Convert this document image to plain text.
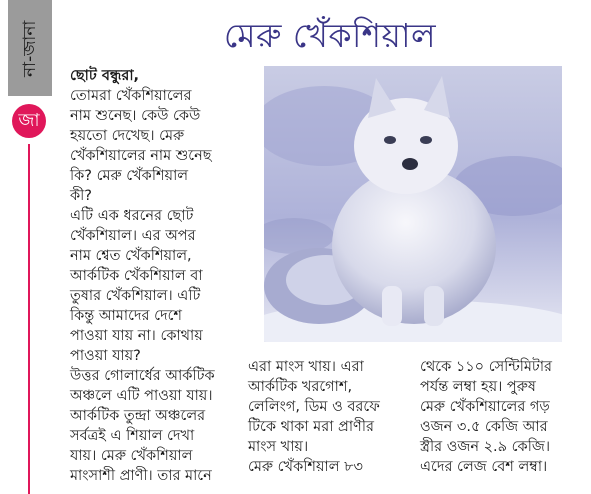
না-জানা
জা
মেরু খেঁকশিয়াল

ছোট বন্ধুরা,

তোমরা খেঁকশিয়ালের

নাম শুনেছ। কেউ কেউ

হয়তো দেখেছ। মেরু

খেঁকশিয়ালের নাম শুনেছ

কি? মেরু খেঁকশিয়াল

কী?

এটি এক ধরনের ছোট

খেঁকশিয়াল। এর অপর

নাম শ্বেত খেঁকশিয়াল,

আর্কটিক খেঁকশিয়াল বা

তুষার খেঁকশিয়াল। এটি

কিন্তু আমাদের দেশে

পাওয়া যায় না। কোথায়

পাওয়া যায়?

উত্তর গোলার্ধের আর্কটিক

অঞ্চলে এটি পাওয়া যায়।

আর্কটিক তুন্দ্রা অঞ্চলের

সর্বত্রই এ শিয়াল দেখা

যায়। মেরু খেঁকশিয়াল

মাংসাশী প্রাণী। তার মানে

এরা মাংস খায়। এরা

আর্কটিক খরগোশ,

লেলিংগ, ডিম ও বরফে

টিকে থাকা মরা প্রাণীর

মাংস খায়।

মেরু খেঁকশিয়াল ৮৩

থেকে ১১০ সেন্টিমিটার

পর্যন্ত লম্বা হয়। পুরুষ

মেরু খেঁকশিয়ালের গড়

ওজন ৩.৫ কেজি আর

স্ত্রীর ওজন ২.৯ কেজি।

এদের লেজ বেশ লম্বা।
